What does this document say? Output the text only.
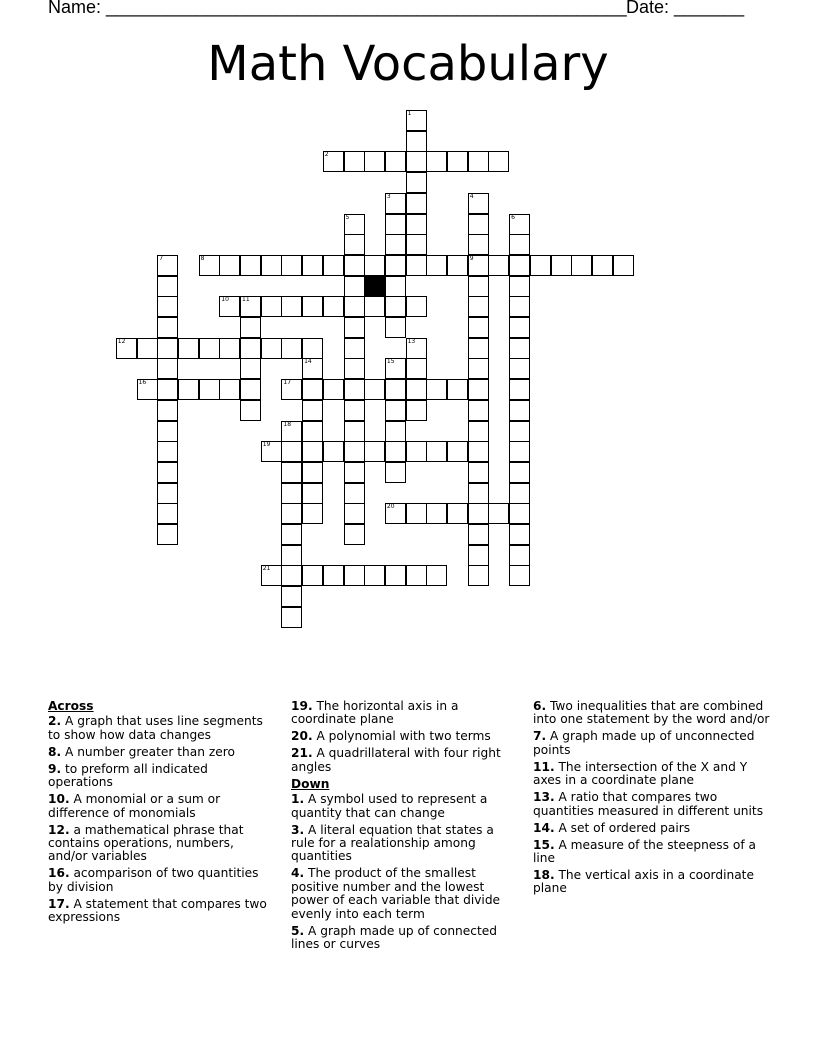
Name: ____________________________________________________ Date: _______
Math Vocabulary
1
2
3	4
9
5	6
7	8
10 11
12	13
14	15
16	17
18
19
20
21
Across
2. A graph that uses line segments to show how data changes
8. A number greater than zero
9. to preform all indicated operations
10. A monomial or a sum or difference of monomials
12. a mathematical phrase that contains operations, numbers, and/or variables
16. acomparison of two quantities by division
17. A statement that compares two expressions
19. The horizontal axis in a coordinate plane
20. A polynomial with two terms
21. A quadrillateral with four right angles
Down
1. A symbol used to represent a quantity that can change
3. A literal equation that states a rule for a realationship among quantities
4. The product of the smallest positive number and the lowest power of each variable that divide evenly into each term
5. A graph made up of connected lines or curves
6. Two inequalities that are combined into one statement by the word and/or
7. A graph made up of unconnected points
11. The intersection of the X and Y axes in a coordinate plane
13. A ratio that compares two quantities measured in different units
14. A set of ordered pairs
15. A measure of the steepness of a line
18. The vertical axis in a coordinate plane
